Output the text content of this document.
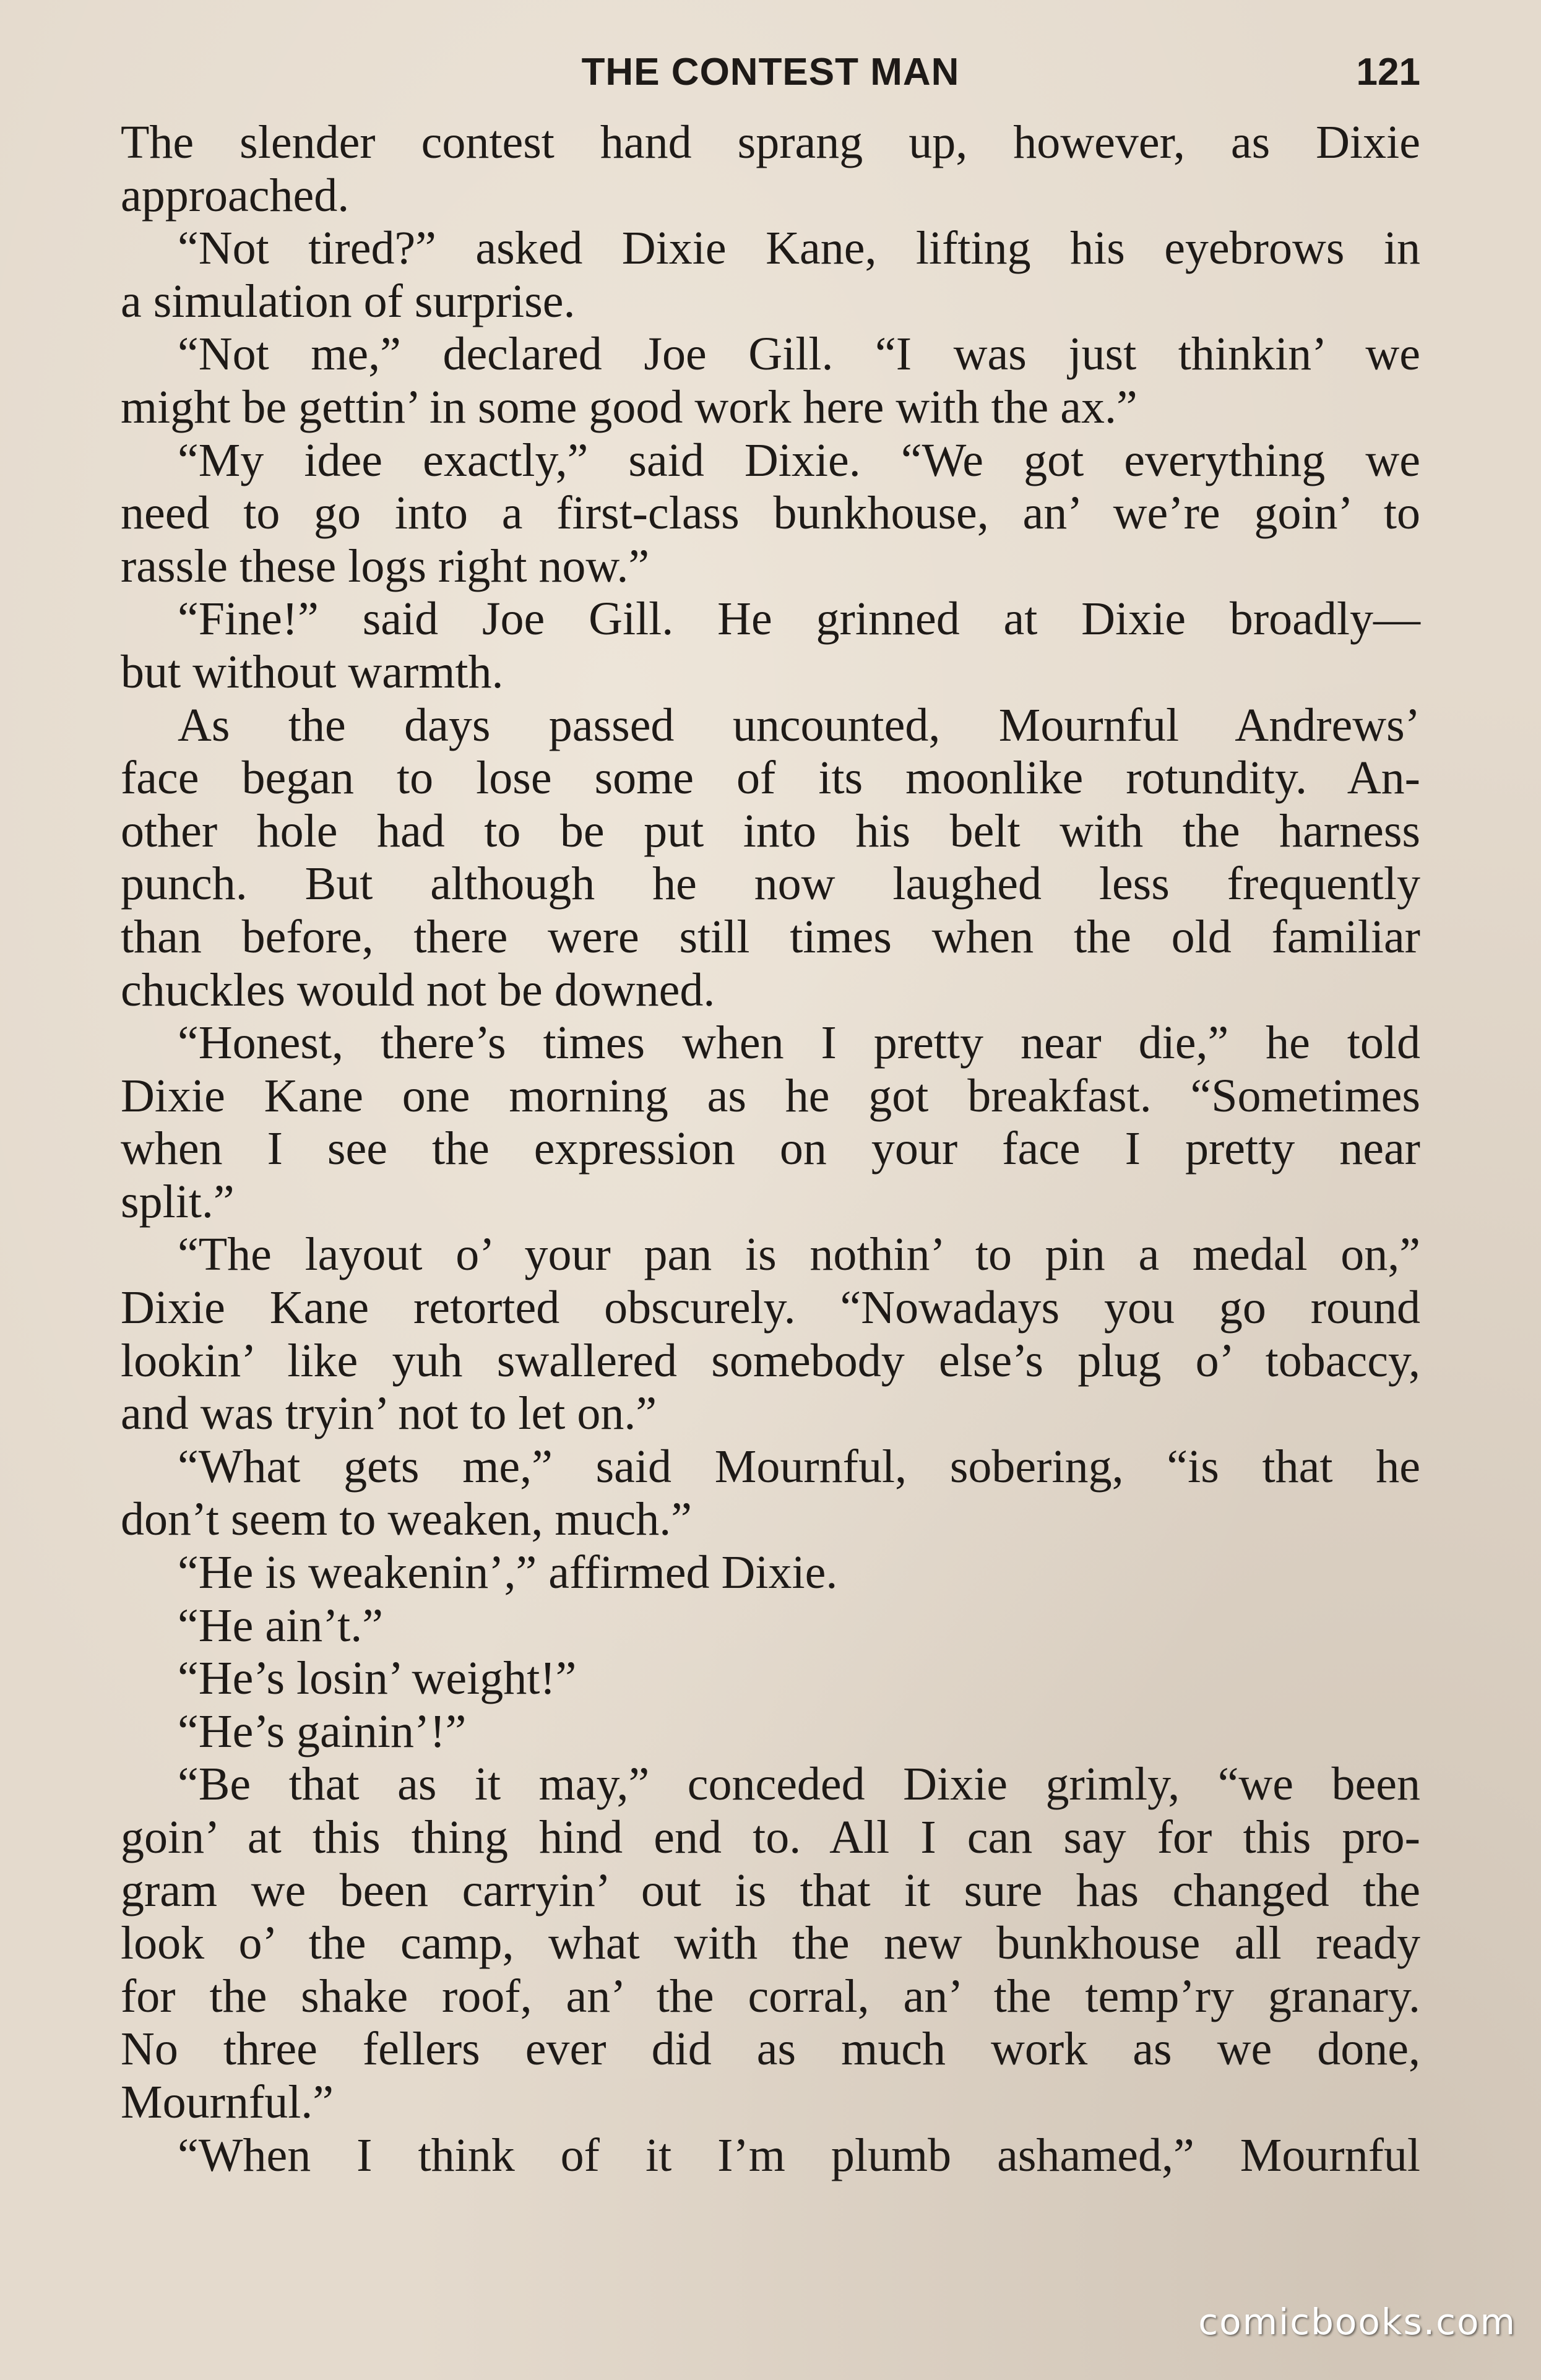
THE CONTEST MAN	121
The slender contest hand sprang up, however, as Dixie
approached.
“Not tired?” asked Dixie Kane, lifting his eyebrows in
a simulation of surprise.
“Not me,” declared Joe Gill. “I was just thinkin’ we
might be gettin’ in some good work here with the ax.”
“My idee exactly,” said Dixie. “We got everything we
need to go into a first-class bunkhouse, an’ we’re goin’ to
rassle these logs right now.”
“Fine!” said Joe Gill. He grinned at Dixie broadly—
but without warmth.
As the days passed uncounted, Mournful Andrews’
face began to lose some of its moonlike rotundity. An-
other hole had to be put into his belt with the harness
punch. But although he now laughed less frequently
than before, there were still times when the old familiar
chuckles would not be downed.
“Honest, there’s times when I pretty near die,” he told
Dixie Kane one morning as he got breakfast. “Sometimes
when I see the expression on your face I pretty near
split.”
“The layout o’ your pan is nothin’ to pin a medal on,”
Dixie Kane retorted obscurely. “Nowadays you go round
lookin’ like yuh swallered somebody else’s plug o’ tobaccy,
and was tryin’ not to let on.”
“What gets me,” said Mournful, sobering, “is that he
don’t seem to weaken, much.”
“He is weakenin’,” affirmed Dixie.
“He ain’t.”
“He’s losin’ weight!”
“He’s gainin’!”
“Be that as it may,” conceded Dixie grimly, “we been
goin’ at this thing hind end to. All I can say for this pro-
gram we been carryin’ out is that it sure has changed the
look o’ the camp, what with the new bunkhouse all ready
for the shake roof, an’ the corral, an’ the temp’ry granary.
No three fellers ever did as much work as we done,
Mournful.”
“When I think of it I’m plumb ashamed,” Mournful
comicbooks.com
